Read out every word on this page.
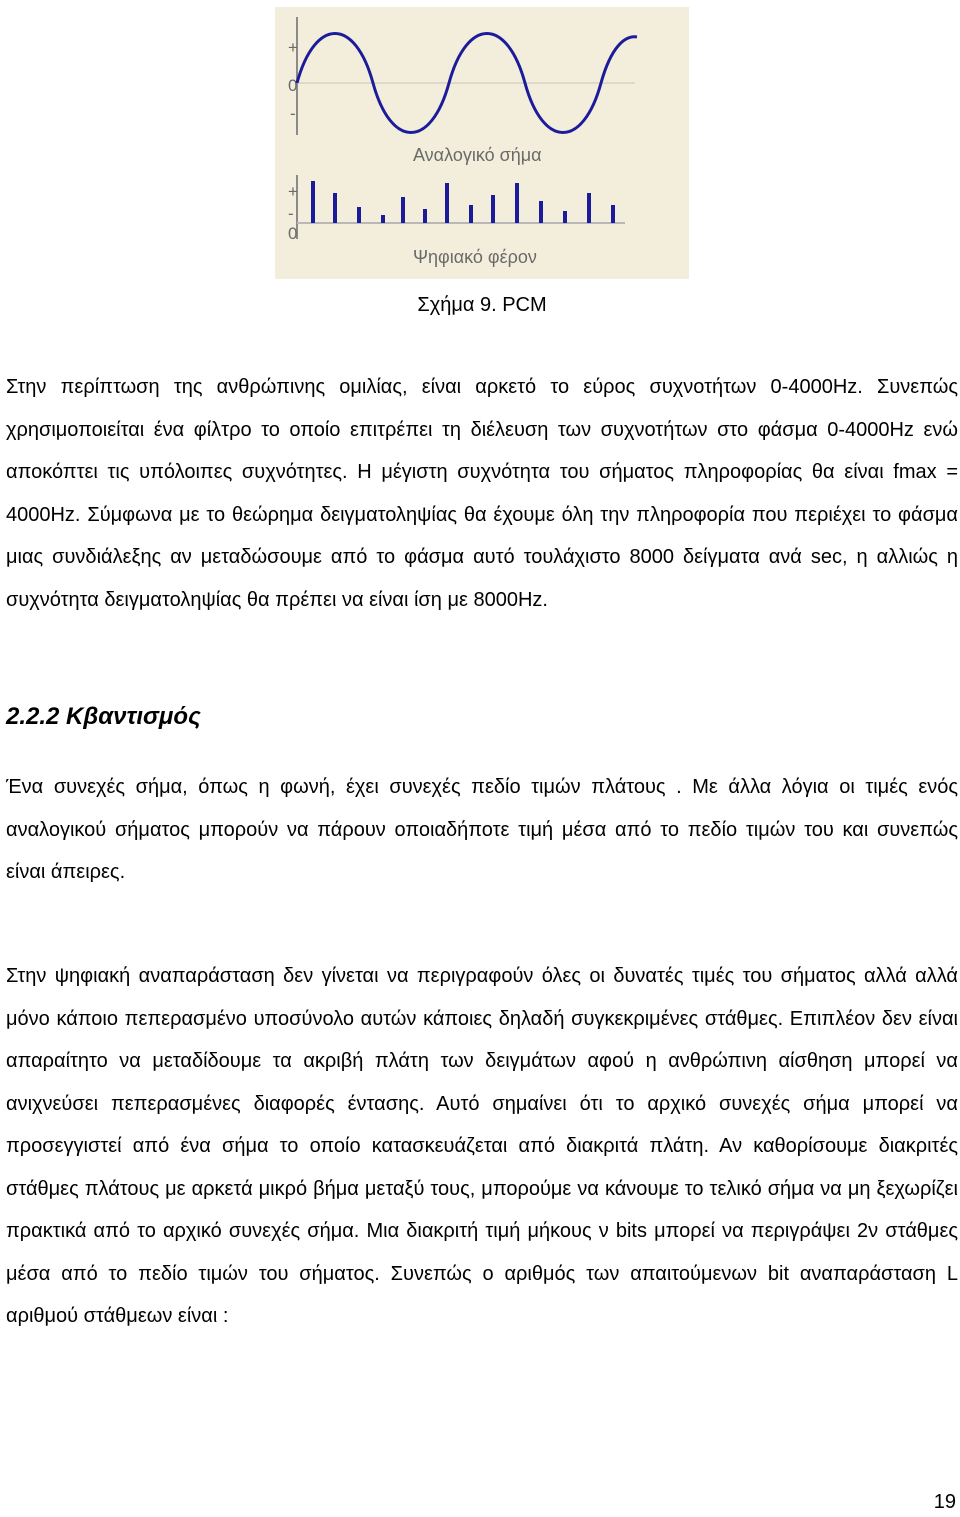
+
0
-
Αναλογικό σήμα
+
-
0
Ψηφιακό φέρον
Σχήμα 9. PCM

Στην περίπτωση της ανθρώπινης ομιλίας, είναι αρκετό το εύρος συχνοτήτων 0-4000Hz. Συνεπώς χρησιμοποιείται ένα φίλτρο το οποίο επιτρέπει τη διέλευση των συχνοτήτων στο φάσμα 0-4000Hz ενώ αποκόπτει τις υπόλοιπες συχνότητες. Η μέγιστη συχνότητα του σήματος πληροφορίας θα είναι fmax = 4000Hz. Σύμφωνα με το θεώρημα δειγματοληψίας θα έχουμε όλη την πληροφορία που περιέχει το φάσμα μιας συνδιάλεξης αν μεταδώσουμε από το φάσμα αυτό τουλάχιστο 8000 δείγματα ανά sec, η αλλιώς η συχνότητα δειγματοληψίας θα πρέπει να είναι ίση με 8000Hz.

2.2.2 Κβαντισμός

Ένα συνεχές σήμα, όπως η φωνή, έχει συνεχές πεδίο τιμών πλάτους . Με άλλα λόγια οι τιμές ενός αναλογικού σήματος μπορούν να πάρουν οποιαδήποτε τιμή μέσα από το πεδίο τιμών του και συνεπώς είναι άπειρες.

Στην ψηφιακή αναπαράσταση δεν γίνεται να περιγραφούν όλες οι δυνατές τιμές του σήματος αλλά αλλά μόνο κάποιο πεπερασμένο υποσύνολο αυτών κάποιες δηλαδή συγκεκριμένες στάθμες. Επιπλέον δεν είναι απαραίτητο να μεταδίδουμε τα ακριβή πλάτη των δειγμάτων αφού η ανθρώπινη αίσθηση μπορεί να ανιχνεύσει πεπερασμένες διαφορές έντασης. Αυτό σημαίνει ότι το αρχικό συνεχές σήμα μπορεί να προσεγγιστεί από ένα σήμα το οποίο κατασκευάζεται από διακριτά πλάτη. Αν καθορίσουμε διακριτές στάθμες πλάτους με αρκετά μικρό βήμα μεταξύ τους, μπορούμε να κάνουμε το τελικό σήμα να μη ξεχωρίζει πρακτικά από το αρχικό συνεχές σήμα. Μια διακριτή τιμή μήκους ν bits μπορεί να περιγράψει 2ν στάθμες μέσα από το πεδίο τιμών του σήματος. Συνεπώς ο αριθμός των απαιτούμενων bit αναπαράσταση L αριθμού στάθμεων είναι :

19
